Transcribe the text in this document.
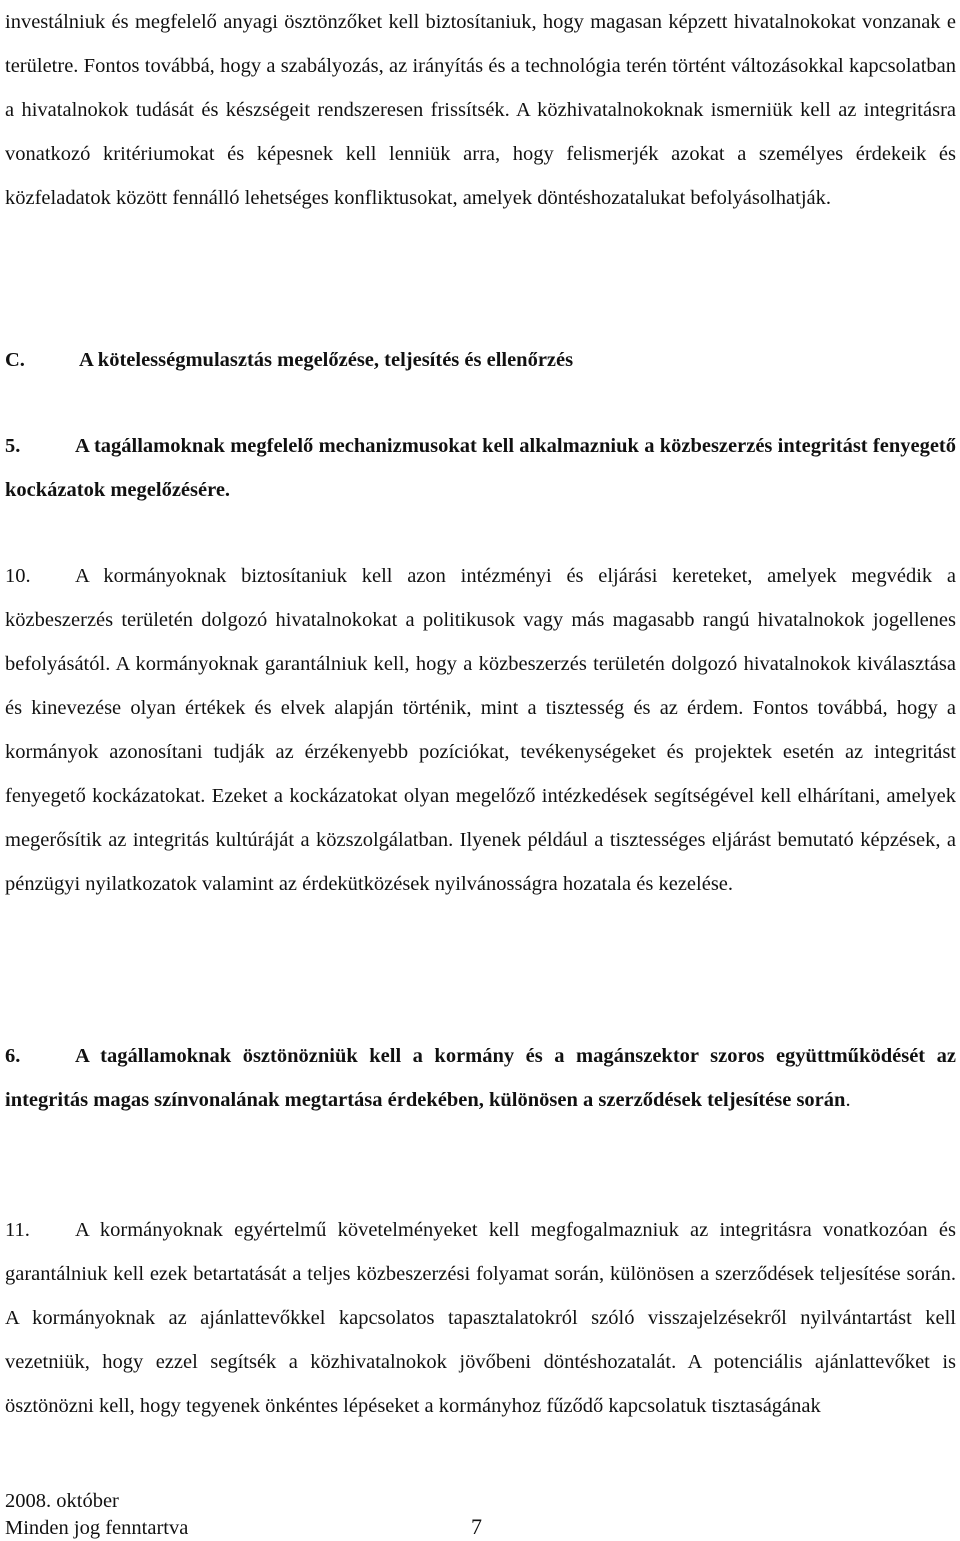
investálniuk és megfelelő anyagi ösztönzőket kell biztosítaniuk, hogy magasan képzett hivatalnokokat vonzanak e területre. Fontos továbbá, hogy a szabályozás, az irányítás és a technológia terén történt változásokkal kapcsolatban a hivatalnokok tudását és készségeit rendszeresen frissítsék. A közhivatalnokoknak ismerniük kell az integritásra vonatkozó kritériumokat és képesnek kell lenniük arra, hogy felismerjék azokat a személyes érdekeik és közfeladatok között fennálló lehetséges konfliktusokat, amelyek döntéshozatalukat befolyásolhatják.

C.	A kötelességmulasztás megelőzése, teljesítés és ellenőrzés

5.	A tagállamoknak megfelelő mechanizmusokat kell alkalmazniuk a közbeszerzés integritást fenyegető kockázatok megelőzésére.

10. A kormányoknak biztosítaniuk kell azon intézményi és eljárási kereteket, amelyek megvédik a közbeszerzés területén dolgozó hivatalnokokat a politikusok vagy más magasabb rangú hivatalnokok jogellenes befolyásától. A kormányoknak garantálniuk kell, hogy a közbeszerzés területén dolgozó hivatalnokok kiválasztása és kinevezése olyan értékek és elvek alapján történik, mint a tisztesség és az érdem. Fontos továbbá, hogy a kormányok azonosítani tudják az érzékenyebb pozíciókat, tevékenységeket és projektek esetén az integritást fenyegető kockázatokat. Ezeket a kockázatokat olyan megelőző intézkedések segítségével kell elhárítani, amelyek megerősítik az integritás kultúráját a közszolgálatban. Ilyenek például a tisztességes eljárást bemutató képzések, a pénzügyi nyilatkozatok valamint az érdekütközések nyilvánosságra hozatala és kezelése.

6.	A tagállamoknak ösztönözniük kell a kormány és a magánszektor szoros együttműködését az integritás magas színvonalának megtartása érdekében, különösen a szerződések teljesítése során.

11. A kormányoknak egyértelmű követelményeket kell megfogalmazniuk az integritásra vonatkozóan és garantálniuk kell ezek betartatását a teljes közbeszerzési folyamat során, különösen a szerződések teljesítése során. A kormányoknak az ajánlattevőkkel kapcsolatos tapasztalatokról szóló visszajelzésekről nyilvántartást kell vezetniük, hogy ezzel segítsék a közhivatalnokok jövőbeni döntéshozatalát. A potenciális ajánlattevőket is ösztönözni kell, hogy tegyenek önkéntes lépéseket a kormányhoz fűződő kapcsolatuk tisztaságának

2008. október
Minden jog fenntartva	7
